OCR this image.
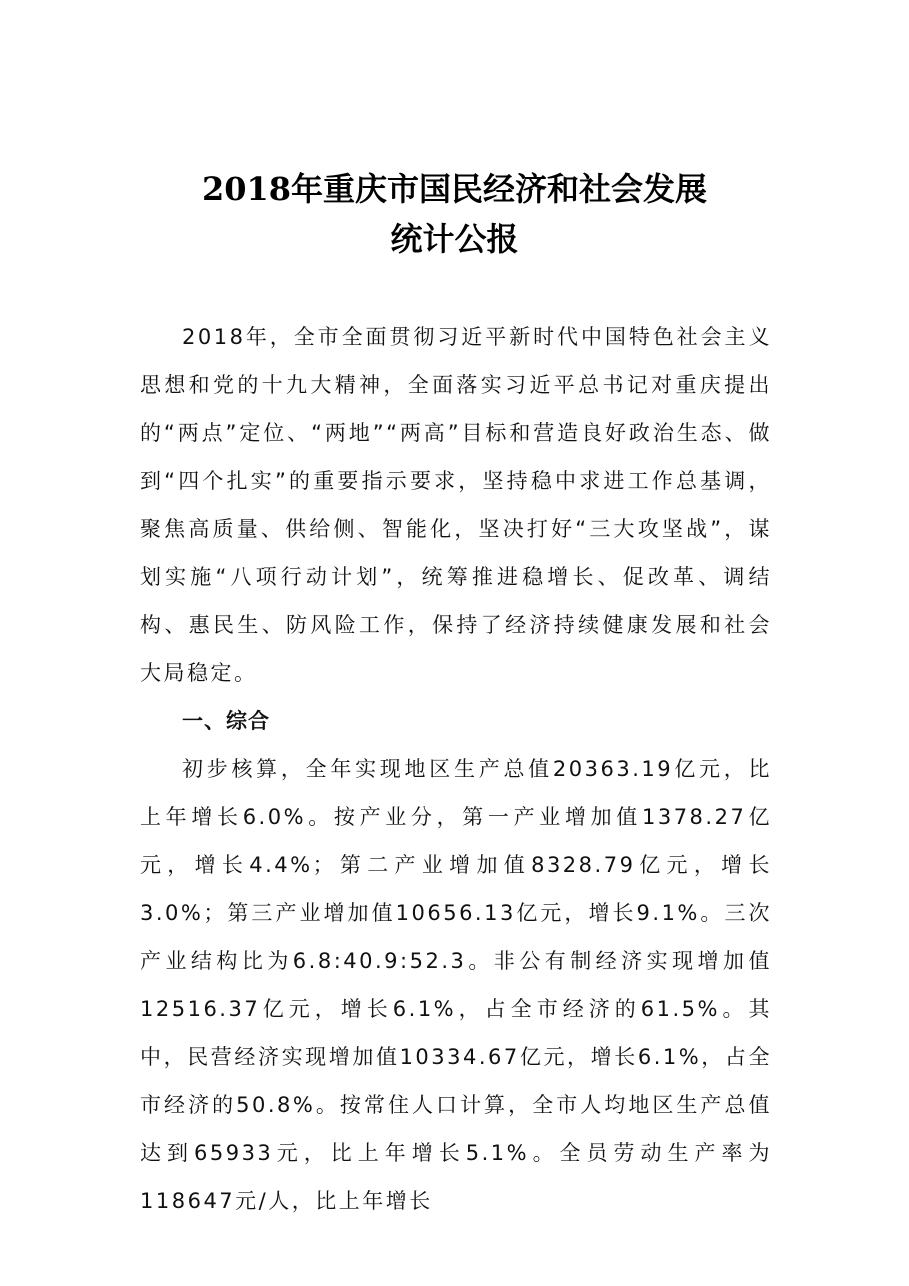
2018年重庆市国民经济和社会发展
统计公报

2018年，全市全面贯彻习近平新时代中国特色社会主义思想和党的十九大精神，全面落实习近平总书记对重庆提出的“两点”定位、“两地”“两高”目标和营造良好政治生态、做到“四个扎实”的重要指示要求，坚持稳中求进工作总基调，聚焦高质量、供给侧、智能化，坚决打好“三大攻坚战”，谋划实施“八项行动计划”，统筹推进稳增长、促改革、调结构、惠民生、防风险工作，保持了经济持续健康发展和社会大局稳定。

一、综合

初步核算，全年实现地区生产总值20363.19亿元，比上年增长6.0%。按产业分，第一产业增加值1378.27亿元，增长4.4%；第二产业增加值8328.79亿元，增长3.0%；第三产业增加值10656.13亿元，增长9.1%。三次产业结构比为6.8:40.9:52.3。非公有制经济实现增加值12516.37亿元，增长6.1%，占全市经济的61.5%。其中，民营经济实现增加值10334.67亿元，增长6.1%，占全市经济的50.8%。按常住人口计算，全市人均地区生产总值达到65933元，比上年增长5.1%。全员劳动生产率为118647元/人，比上年增长
